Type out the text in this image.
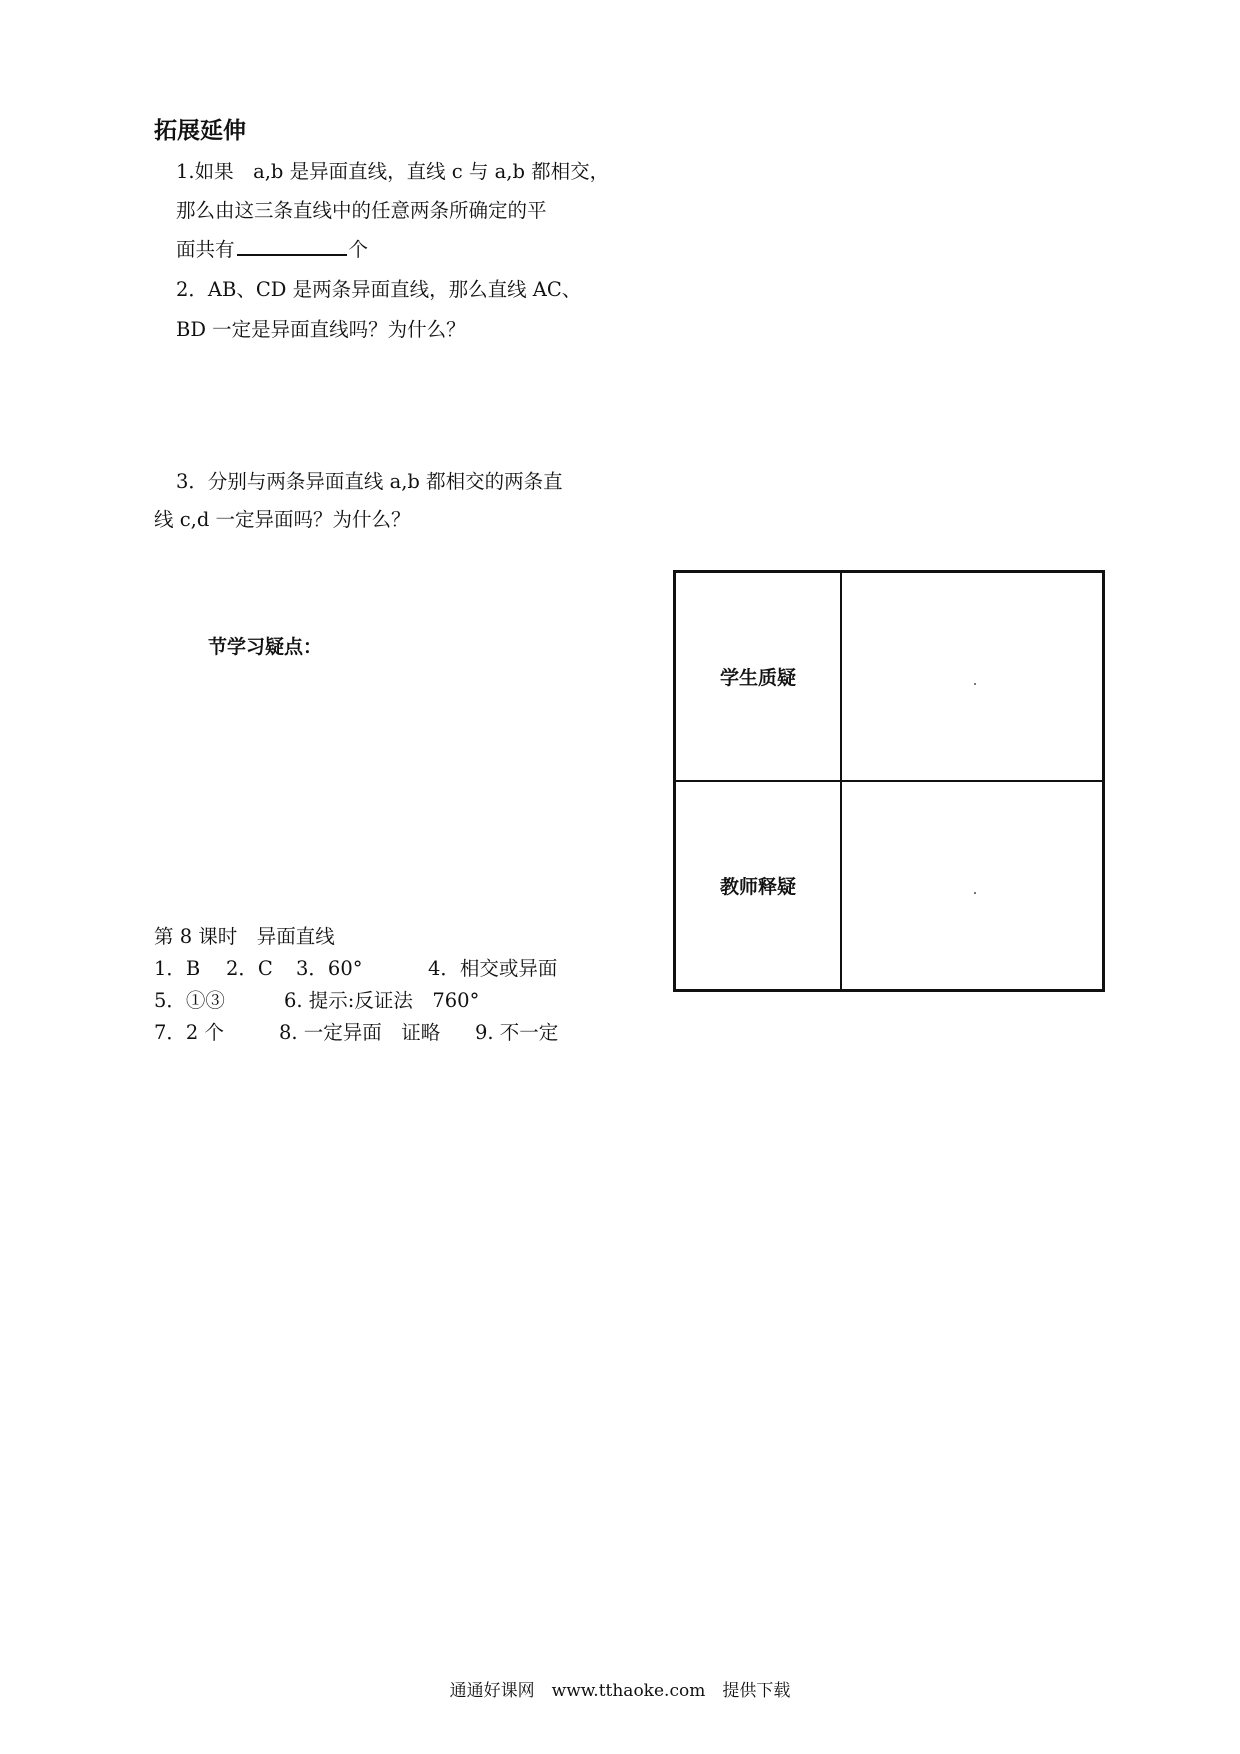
拓展延伸
1.如果　a,b 是异面直线，直线 c 与 a,b 都相交，
那么由这三条直线中的任意两条所确定的平
面共有	个
2．AB、CD 是两条异面直线，那么直线 AC、
BD 一定是异面直线吗？为什么？
3．分别与两条异面直线 a,b 都相交的两条直
线 c,d 一定异面吗？为什么？
节学习疑点：
学生质疑
教师释疑
第 8 课时　异面直线
1．B 2．C 3．60°	4．相交或异面
5．①③	6. 提示:反证法　760°
7．2 个	8. 一定异面　证略 9. 不一定
通通好课网　www.tthaoke.com　提供下载
